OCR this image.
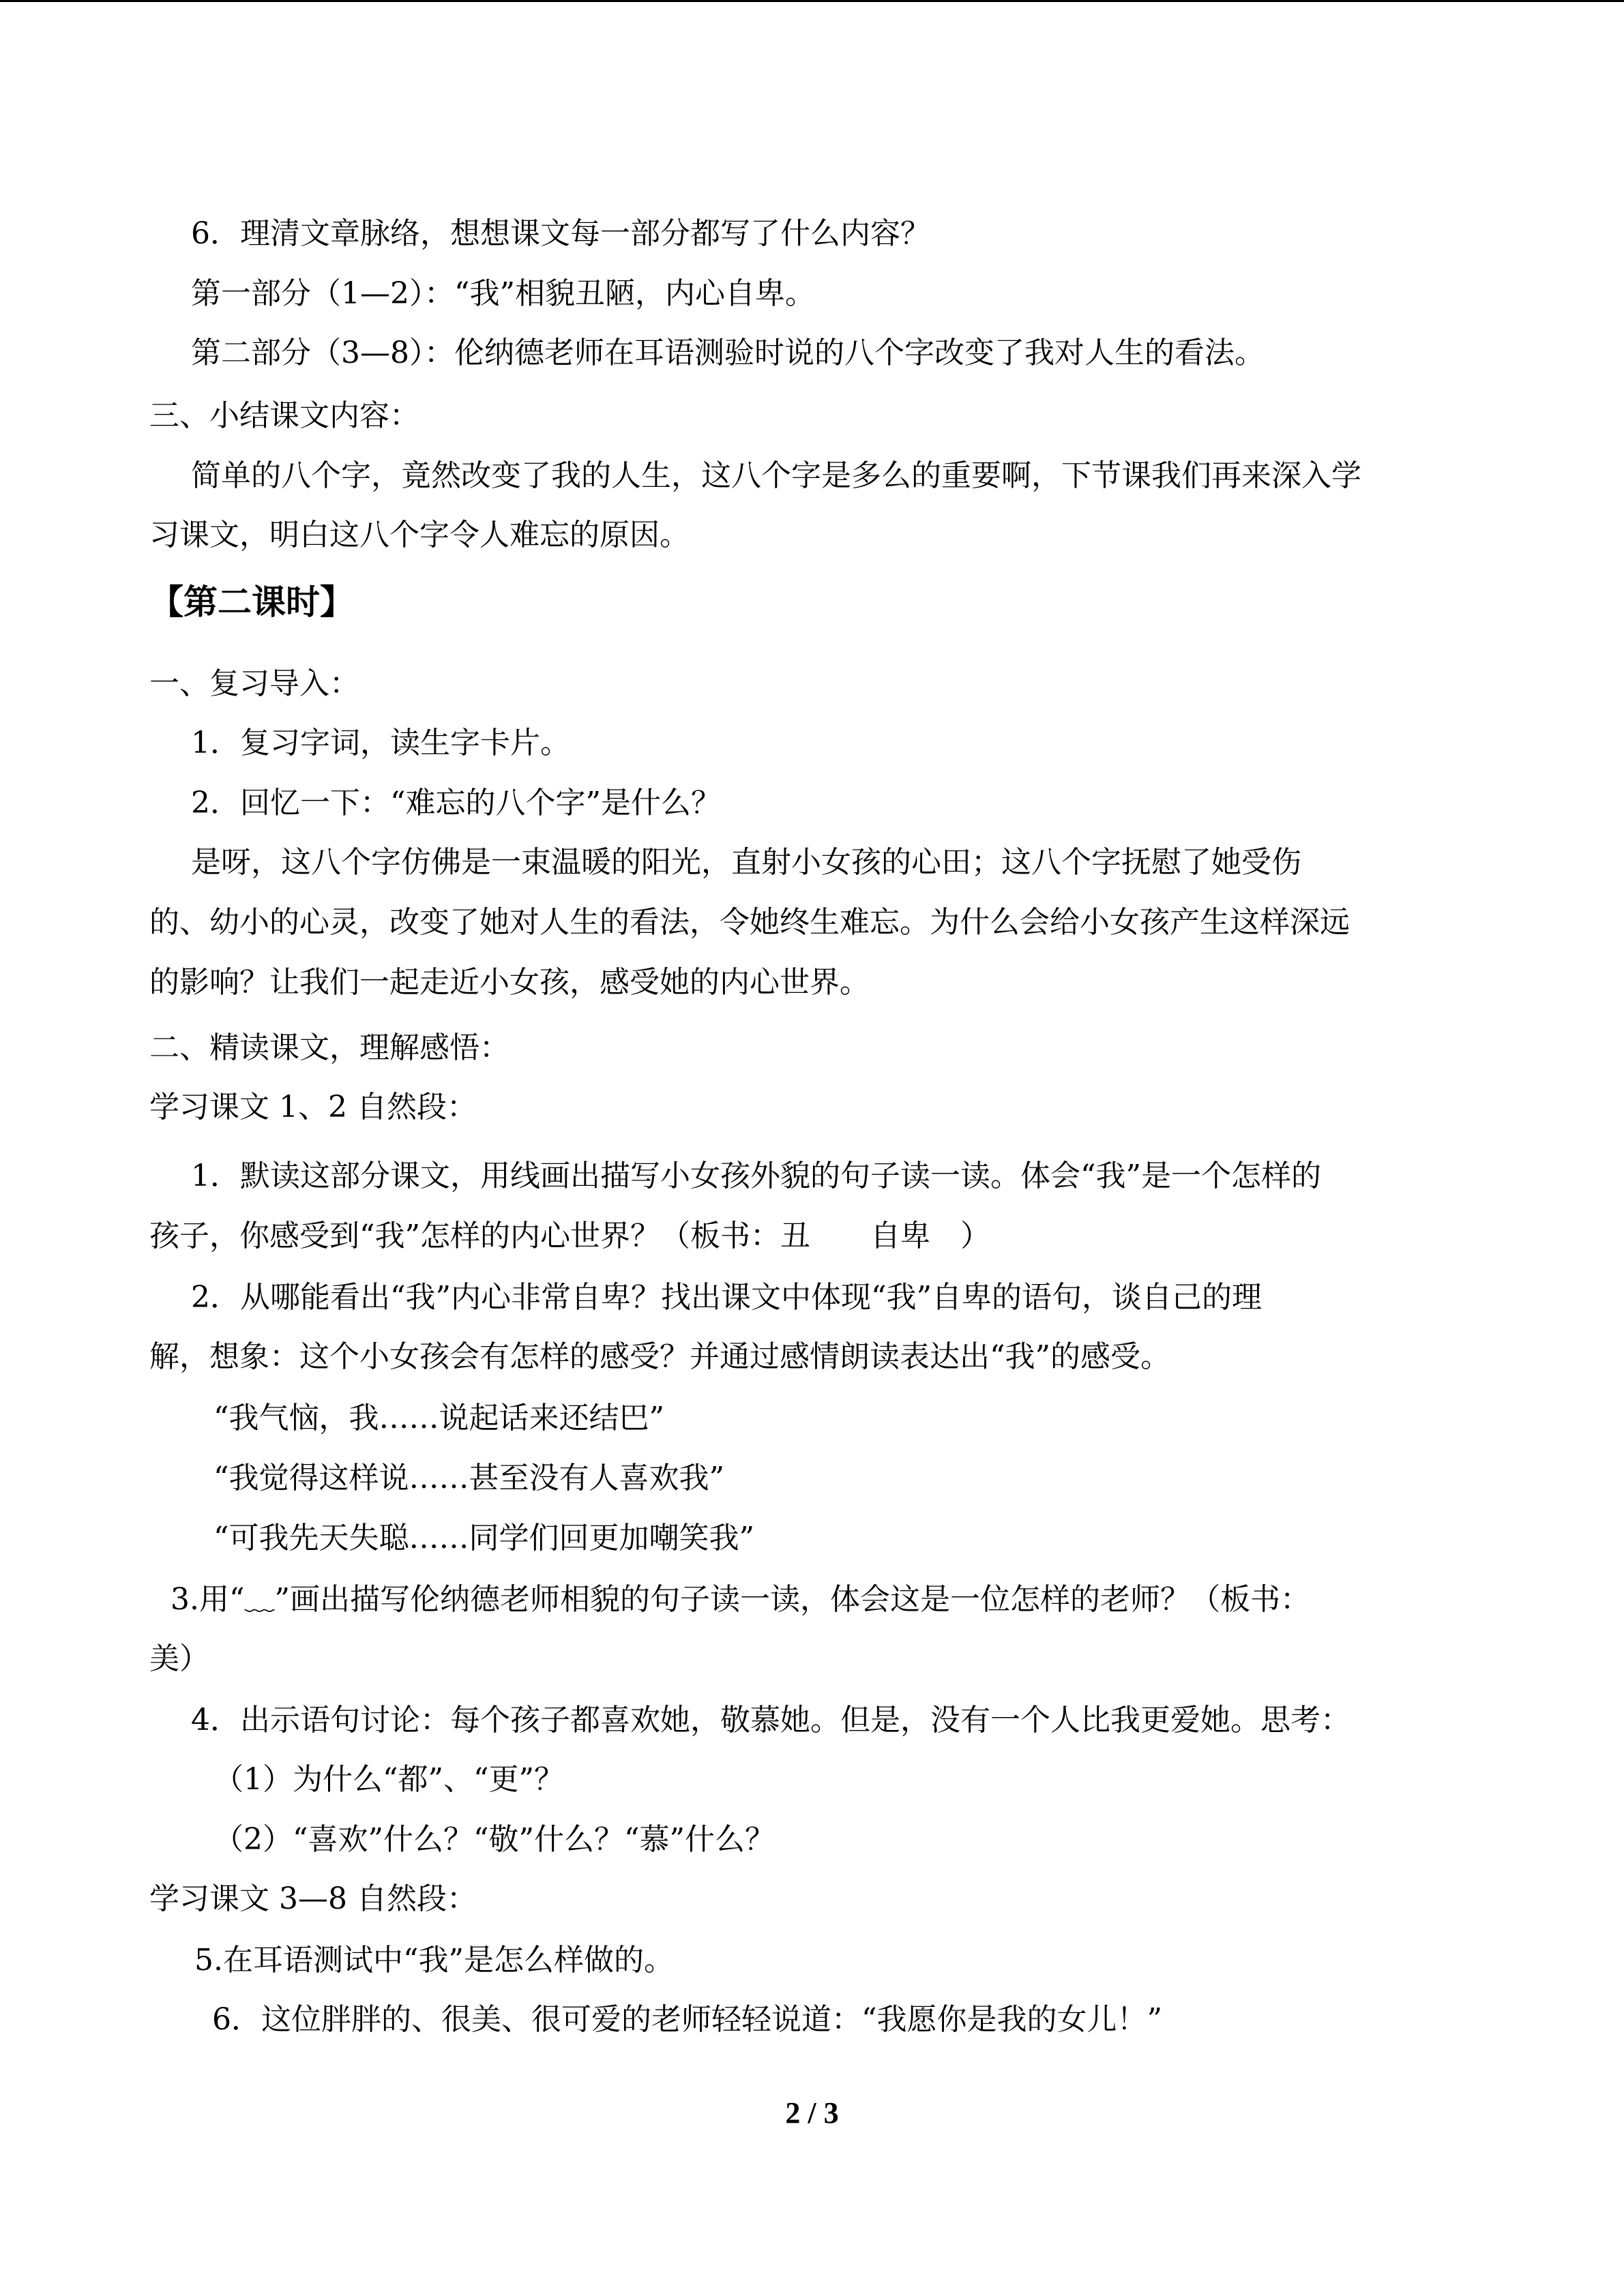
6．理清文章脉络，想想课文每一部分都写了什么内容？
第一部分（1—2）：“我”相貌丑陋，内心自卑。
第二部分（3—8）：伦纳德老师在耳语测验时说的八个字改变了我对人生的看法。
三、小结课文内容：
简单的八个字，竟然改变了我的人生，这八个字是多么的重要啊，下节课我们再来深入学
习课文，明白这八个字令人难忘的原因。
【第二课时】
一、复习导入：
1．复习字词，读生字卡片。
2．回忆一下：“难忘的八个字”是什么？
是呀，这八个字仿佛是一束温暖的阳光，直射小女孩的心田；这八个字抚慰了她受伤
的、幼小的心灵，改变了她对人生的看法，令她终生难忘。为什么会给小女孩产生这样深远
的影响？让我们一起走近小女孩，感受她的内心世界。
二、精读课文，理解感悟：
学习课文 1、2 自然段：
1．默读这部分课文，用线画出描写小女孩外貌的句子读一读。体会“我”是一个怎样的
孩子，你感受到“我”怎样的内心世界？（板书：丑　　自卑　）
2．从哪能看出“我”内心非常自卑？找出课文中体现“我”自卑的语句，谈自己的理
解，想象：这个小女孩会有怎样的感受？并通过感情朗读表达出“我”的感受。
“我气恼，我……说起话来还结巴”
“我觉得这样说……甚至没有人喜欢我”
“可我先天失聪……同学们回更加嘲笑我”
3.用“﹏”画出描写伦纳德老师相貌的句子读一读，体会这是一位怎样的老师？（板书：
美）
4．出示语句讨论：每个孩子都喜欢她，敬慕她。但是，没有一个人比我更爱她。思考：
（1）为什么“都”、“更”？
（2）“喜欢”什么？“敬”什么？“慕”什么？
学习课文 3—8 自然段：
5.在耳语测试中“我”是怎么样做的。
6．这位胖胖的、很美、很可爱的老师轻轻说道：“我愿你是我的女儿！”
2 / 3
